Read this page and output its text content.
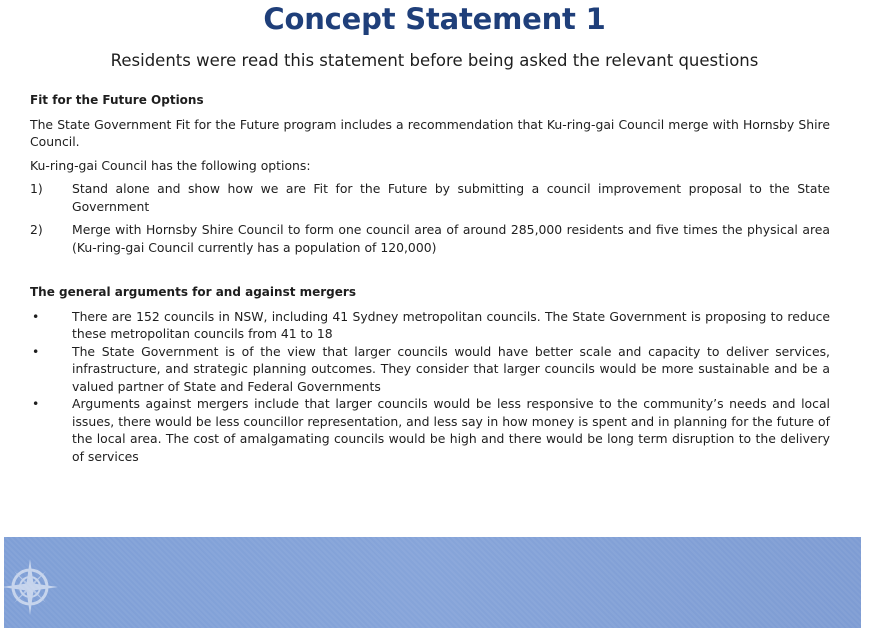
Concept Statement 1
Residents were read this statement before being asked the relevant questions
Fit for the Future Options

The State Government Fit for the Future program includes a recommendation that Ku-ring-gai Council merge with Hornsby Shire Council.

Ku-ring-gai Council has the following options:

1)	Stand alone and show how we are Fit for the Future by submitting a council improvement proposal to the State Government
2)	Merge with Hornsby Shire Council to form one council area of around 285,000 residents and five times the physical area (Ku-ring-gai Council currently has a population of 120,000)
The general arguments for and against mergers
•	There are 152 councils in NSW, including 41 Sydney metropolitan councils. The State Government is proposing to reduce these metropolitan councils from 41 to 18
•	The State Government is of the view that larger councils would have better scale and capacity to deliver services, infrastructure, and strategic planning outcomes. They consider that larger councils would be more sustainable and be a valued partner of State and Federal Governments
•	Arguments against mergers include that larger councils would be less responsive to the community’s needs and local issues, there would be less councillor representation, and less say in how money is spent and in planning for the future of the local area. The cost of amalgamating councils would be high and there would be long term disruption to the delivery of services
